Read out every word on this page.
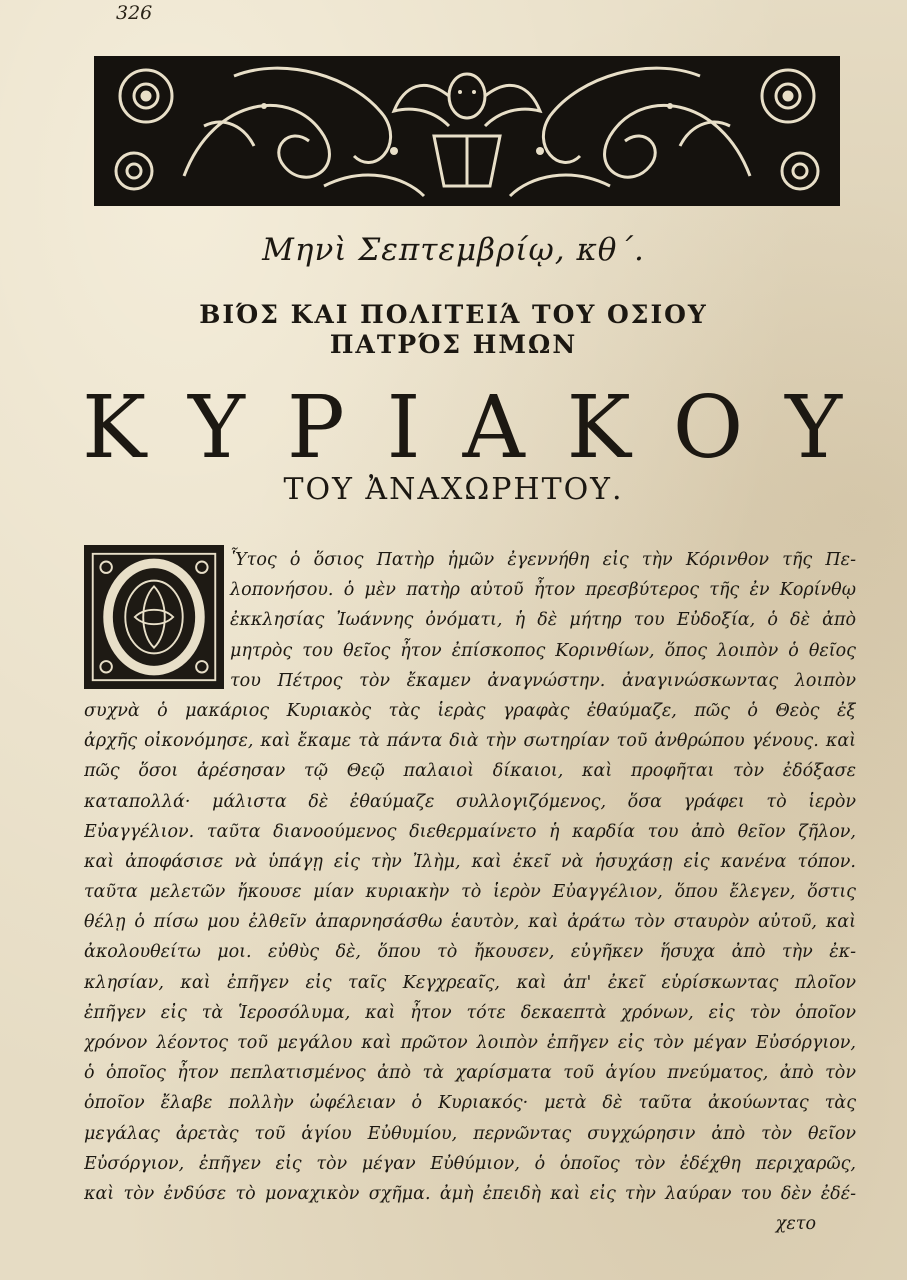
326
Μηνὶ Σεπτεμβρίῳ, κθ΄.
ΒΙΌΣ ΚΑΙ ΠΟΛΙΤΕΙΆ ΤΟΥ ΟΣΙΟΥ
ΠΑΤΡΌΣ ΗΜΩΝ
Κ Υ Ρ Ι Α Κ Ο Υ
ΤΟΥ ἈΝΑΧΩΡΗΤΟΥ.
Ὗτος ὁ ὅσιος Πατὴρ ἡμῶν ἐγεννήθη εἰς τὴν Κόρινθον τῆς Πε-
λοπονήσου. ὁ μὲν πατὴρ αὐτοῦ ἦτον πρεσβύτερος τῆς ἐν Κορίνθῳ
ἐκκλησίας Ἰωάννης ὀνόματι, ἡ δὲ μήτηρ του Εὐδοξία, ὁ δὲ ἀπὸ
μητρὸς του θεῖος ἦτον ἐπίσκοπος Κορινθίων, ὅπος λοιπὸν ὁ θεῖος
του Πέτρος τὸν ἔκαμεν ἀναγνώστην. ἀναγινώσκωντας λοιπὸν
συχνὰ ὁ μακάριος Κυριακὸς τὰς ἱερὰς γραφὰς ἐθαύμαζε, πῶς ὁ Θεὸς ἐξ
ἀρχῆς οἰκονόμησε, καὶ ἔκαμε τὰ πάντα διὰ τὴν σωτηρίαν τοῦ ἀνθρώπου γένους. καὶ
πῶς ὅσοι ἀρέσησαν τῷ Θεῷ παλαιοὶ δίκαιοι, καὶ προφῆται τὸν ἐδόξασε
καταπολλά· μάλιστα δὲ ἐθαύμαζε συλλογιζόμενος, ὅσα γράφει τὸ ἱερὸν
Εὐαγγέλιον. ταῦτα διανοούμενος διεθερμαίνετο ἡ καρδία του ἀπὸ θεῖον ζῆλον,
καὶ ἀποφάσισε νὰ ὑπάγῃ εἰς τὴν Ἰλὴμ, καὶ ἐκεῖ νὰ ἡσυχάσῃ εἰς κανένα τόπον.
ταῦτα μελετῶν ἤκουσε μίαν κυριακὴν τὸ ἱερὸν Εὐαγγέλιον, ὅπου ἔλεγεν, ὅστις
θέλῃ ὁ πίσω μου ἐλθεῖν ἀπαρνησάσθω ἑαυτὸν, καὶ ἀράτω τὸν σταυρὸν αὐτοῦ, καὶ
ἀκολουθείτω μοι. εὐθὺς δὲ, ὅπου τὸ ἤκουσεν, εὐγῆκεν ἥσυχα ἀπὸ τὴν ἐκ-
κλησίαν, καὶ ἐπῆγεν εἰς ταῖς Κεγχρεαῖς, καὶ ἀπ' ἐκεῖ εὑρίσκωντας πλοῖον
ἐπῆγεν εἰς τὰ Ἱεροσόλυμα, καὶ ἦτον τότε δεκαεπτὰ χρόνων, εἰς τὸν ὁποῖον
χρόνον λέοντος τοῦ μεγάλου καὶ πρῶτον λοιπὸν ἐπῆγεν εἰς τὸν μέγαν Εὐσόργιον,
ὁ ὁποῖος ἦτον πεπλατισμένος ἀπὸ τὰ χαρίσματα τοῦ ἁγίου πνεύματος, ἀπὸ τὸν
ὁποῖον ἔλαβε πολλὴν ὠφέλειαν ὁ Κυριακός· μετὰ δὲ ταῦτα ἀκούωντας τὰς
μεγάλας ἀρετὰς τοῦ ἁγίου Εὐθυμίου, περνῶντας συγχώρησιν ἀπὸ τὸν θεῖον
Εὐσόργιον, ἐπῆγεν εἰς τὸν μέγαν Εὐθύμιον, ὁ ὁποῖος τὸν ἐδέχθη περιχαρῶς,
καὶ τὸν ἐνδύσε τὸ μοναχικὸν σχῆμα. ἀμὴ ἐπειδὴ καὶ εἰς τὴν λαύραν του δὲν ἐδέ-
χετο
